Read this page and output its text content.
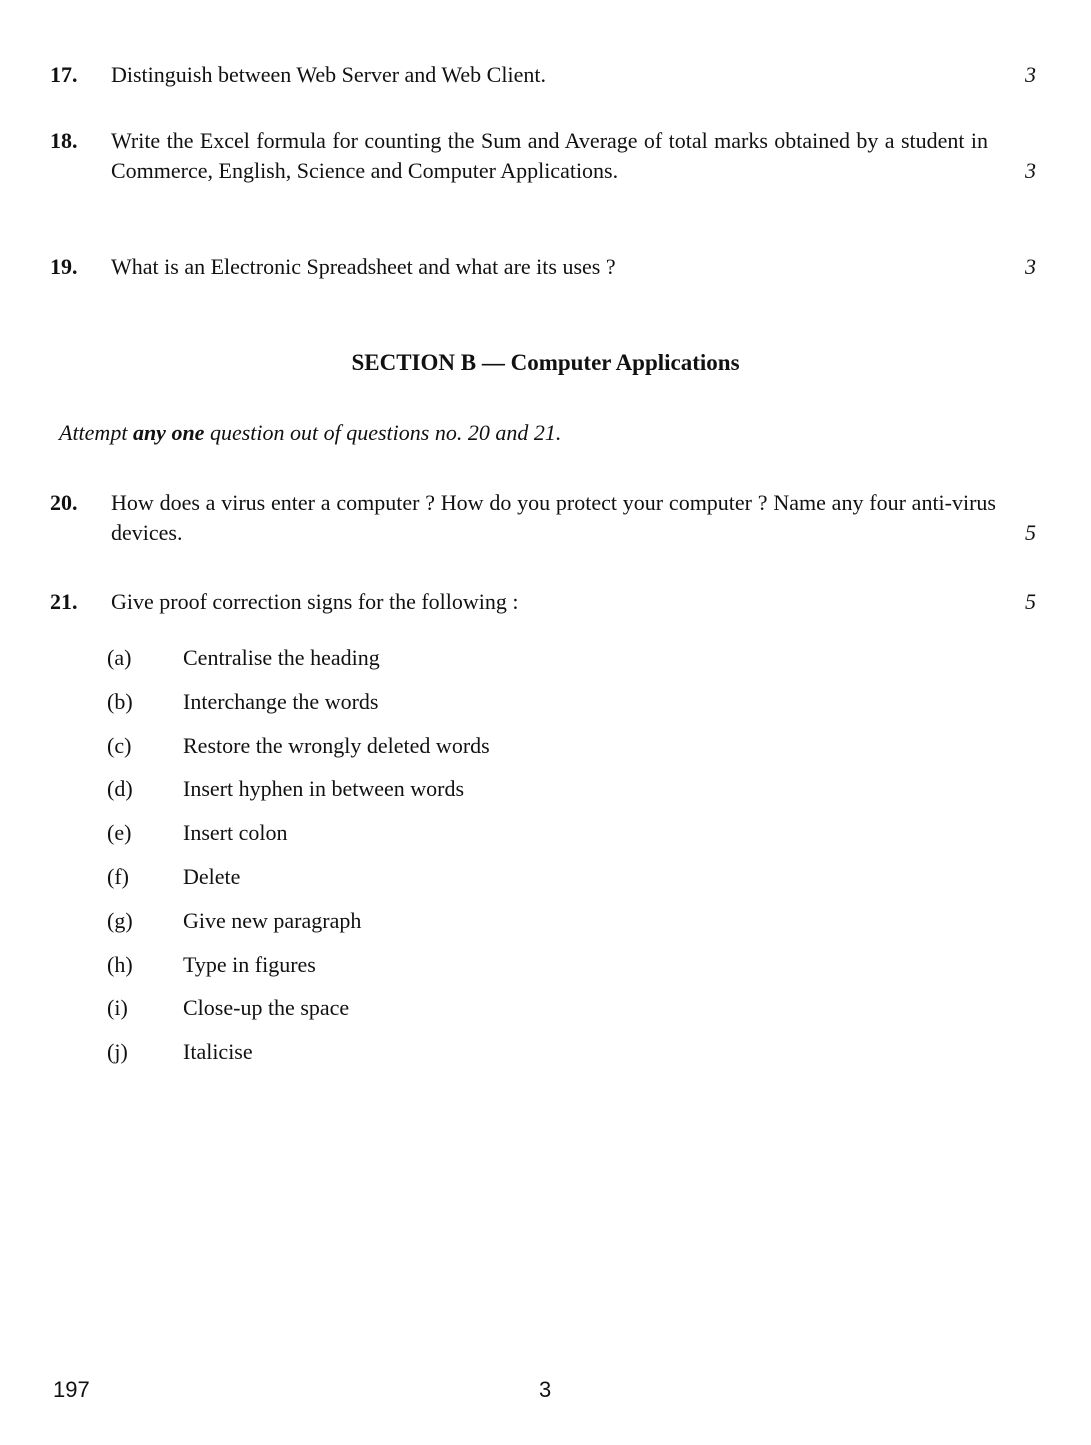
17.	Distinguish between Web Server and Web Client.	3
18.	Write the Excel formula for counting the Sum and Average of total marks obtained by a student in Commerce, English, Science and Computer Applications.	3
19.	What is an Electronic Spreadsheet and what are its uses ?	3
SECTION B — Computer Applications
Attempt any one question out of questions no. 20 and 21.
20.	How does a virus enter a computer ? How do you protect your computer ? Name any four anti-virus devices.	5
21.	Give proof correction signs for the following :	5
(a)	Centralise the heading
(b)	Interchange the words
(c)	Restore the wrongly deleted words
(d)	Insert hyphen in between words
(e)	Insert colon
(f)	Delete
(g)	Give new paragraph
(h)	Type in figures
(i)	Close-up the space
(j)	Italicise
197	3
